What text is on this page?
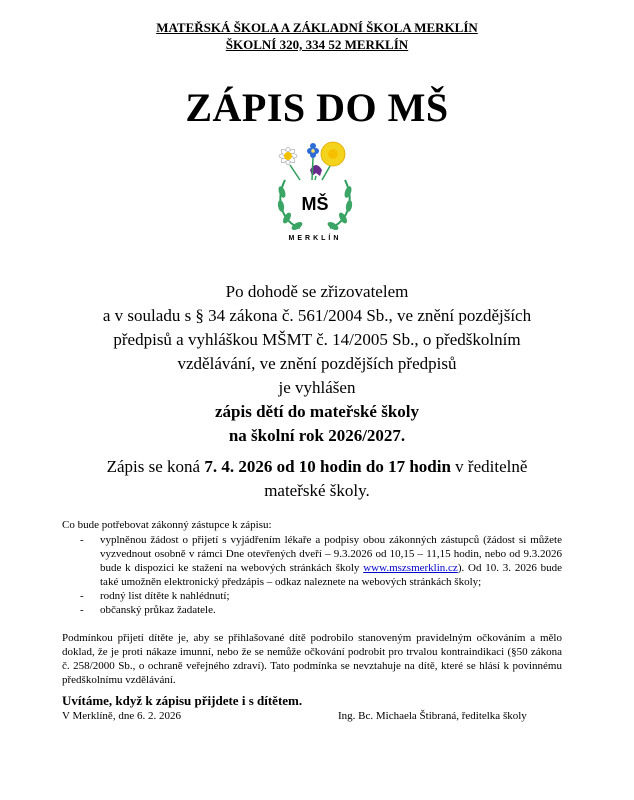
MATEŘSKÁ ŠKOLA A ZÁKLADNÍ ŠKOLA MERKLÍN
ŠKOLNÍ 320, 334 52 MERKLÍN
ZÁPIS DO MŠ
MŠ
MERKLÍN
Po dohodě se zřizovatelem
a v souladu s § 34 zákona č. 561/2004 Sb., ve znění pozdějších
předpisů a vyhláškou MŠMT č. 14/2005 Sb., o předškolním
vzdělávání, ve znění pozdějších předpisů
je vyhlášen
zápis dětí do mateřské školy
na školní rok 2026/2027.
Zápis se koná 7. 4. 2026 od 10 hodin do 17 hodin v ředitelně
mateřské školy.
Co bude potřebovat zákonný zástupce k zápisu:
- vyplněnou žádost o přijetí s vyjádřením lékaře a podpisy obou zákonných zástupců (žádost si můžete vyzvednout osobně v rámci Dne otevřených dveří – 9.3.2026 od 10,15 – 11,15 hodin, nebo od 9.3.2026 bude k dispozici ke stažení na webových stránkách školy www.mszsmerklin.cz). Od 10. 3. 2026 bude také umožněn elektronický předzápis – odkaz naleznete na webových stránkách školy;
- rodný list dítěte k nahlédnutí;
- občanský průkaz žadatele.
Podmínkou přijetí dítěte je, aby se přihlašované dítě podrobilo stanoveným pravidelným očkováním a mělo doklad, že je proti nákaze imunní, nebo že se nemůže očkování podrobit pro trvalou kontraindikaci (§50 zákona č. 258/2000 Sb., o ochraně veřejného zdraví). Tato podmínka se nevztahuje na dítě, které se hlásí k povinnému předškolnímu vzdělávání.
Uvítáme, když k zápisu přijdete i s dítětem.
V Merklíně, dne 6. 2. 2026	Ing. Bc. Michaela Štibraná, ředitelka školy
